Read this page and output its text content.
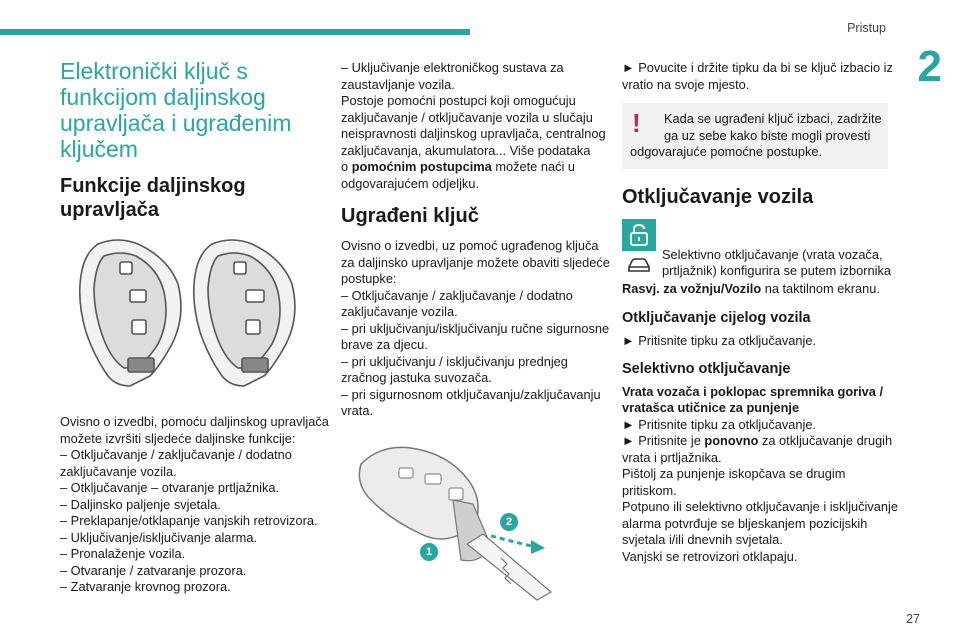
Pristup
2
27
Elektronički ključ s
funkcijom daljinskog
upravljača i ugrađenim
ključem
Funkcije daljinskog
upravljača
Ovisno o izvedbi, pomoću daljinskog upravljača
možete izvršiti sljedeće daljinske funkcije:
– Otključavanje / zaključavanje / dodatno
zaključavanje vozila.
– Otključavanje – otvaranje prtljažnika.
– Daljinsko paljenje svjetala.
– Preklapanje/otklapanje vanjskih retrovizora.
– Uključivanje/isključivanje alarma.
– Pronalaženje vozila.
– Otvaranje / zatvaranje prozora.
– Zatvaranje krovnog prozora.
– Uključivanje elektroničkog sustava za
zaustavljanje vozila.
Postoje pomoćni postupci koji omogućuju
zaključavanje / otključavanje vozila u slučaju
neispravnosti daljinskog upravljača, centralnog
zaključavanja, akumulatora... Više podataka
o pomoćnim postupcima možete naći u
odgovarajućem odjeljku.
Ugrađeni ključ
Ovisno o izvedbi, uz pomoć ugrađenog ključa
za daljinsko upravljanje možete obaviti sljedeće
postupke:
– Otključavanje / zaključavanje / dodatno
zaključavanje vozila.
– pri uključivanju/isključivanju ručne sigurnosne
brave za djecu.
– pri uključivanju / isključivanju prednjeg
zračnog jastuka suvozača.
– pri sigurnosnom otključavanju/zaključavanju
vrata.
1
2
► Povucite i držite tipku da bi se ključ izbacio iz
vratio na svoje mjesto.
!	Kada se ugrađeni ključ izbaci, zadržite
ga uz sebe kako biste mogli provesti
odgovarajuće pomoćne postupke.
Otključavanje vozila
Selektivno otključavanje (vrata vozača,
prtljažnik) konfigurira se putem izbornika
Rasvj. za vožnju/Vozilo na taktilnom ekranu.
Otključavanje cijelog vozila
► Pritisnite tipku za otključavanje.
Selektivno otključavanje
Vrata vozača i poklopac spremnika goriva /
vratašca utičnice za punjenje
► Pritisnite tipku za otključavanje.
► Pritisnite je ponovno za otključavanje drugih
vrata i prtljažnika.
Pištolj za punjenje iskopčava se drugim
pritiskom.
Potpuno ili selektivno otključavanje i isključivanje
alarma potvrđuje se bljeskanjem pozicijskih
svjetala i/ili dnevnih svjetala.
Vanjski se retrovizori otklapaju.
